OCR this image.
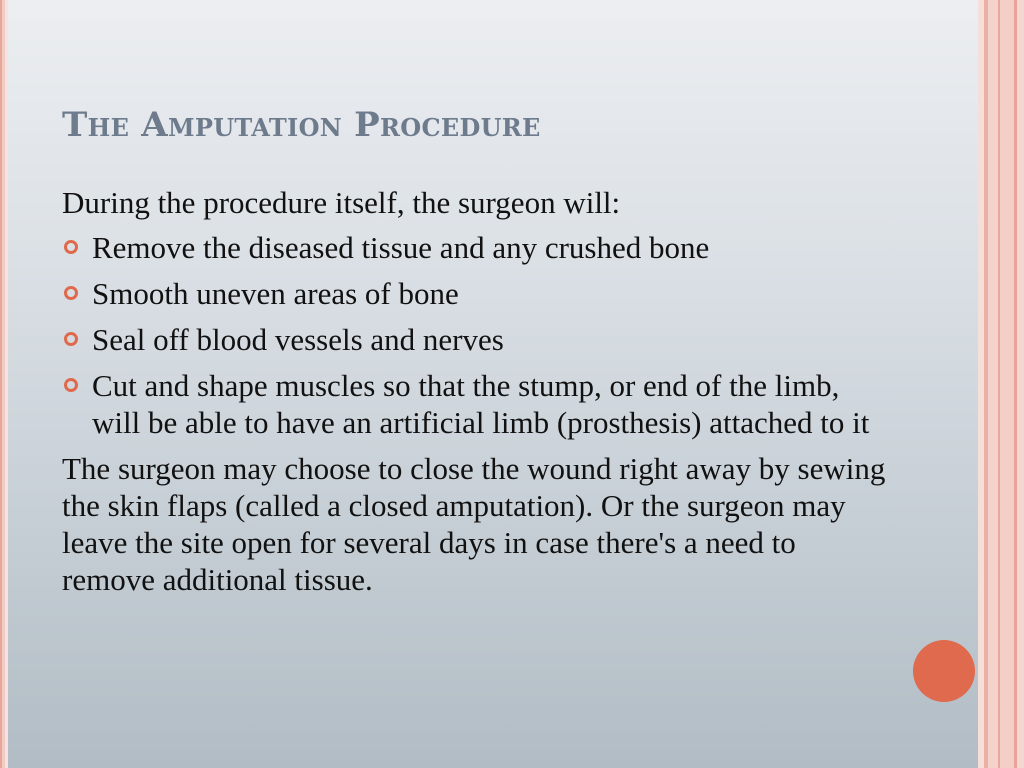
The Amputation Procedure

During the procedure itself, the surgeon will:

Remove the diseased tissue and any crushed bone
Smooth uneven areas of bone
Seal off blood vessels and nerves
Cut and shape muscles so that the stump, or end of the limb, will be able to have an artificial limb (prosthesis) attached to it

The surgeon may choose to close the wound right away by sewing the skin flaps (called a closed amputation). Or the surgeon may leave the site open for several days in case there's a need to remove additional tissue.
